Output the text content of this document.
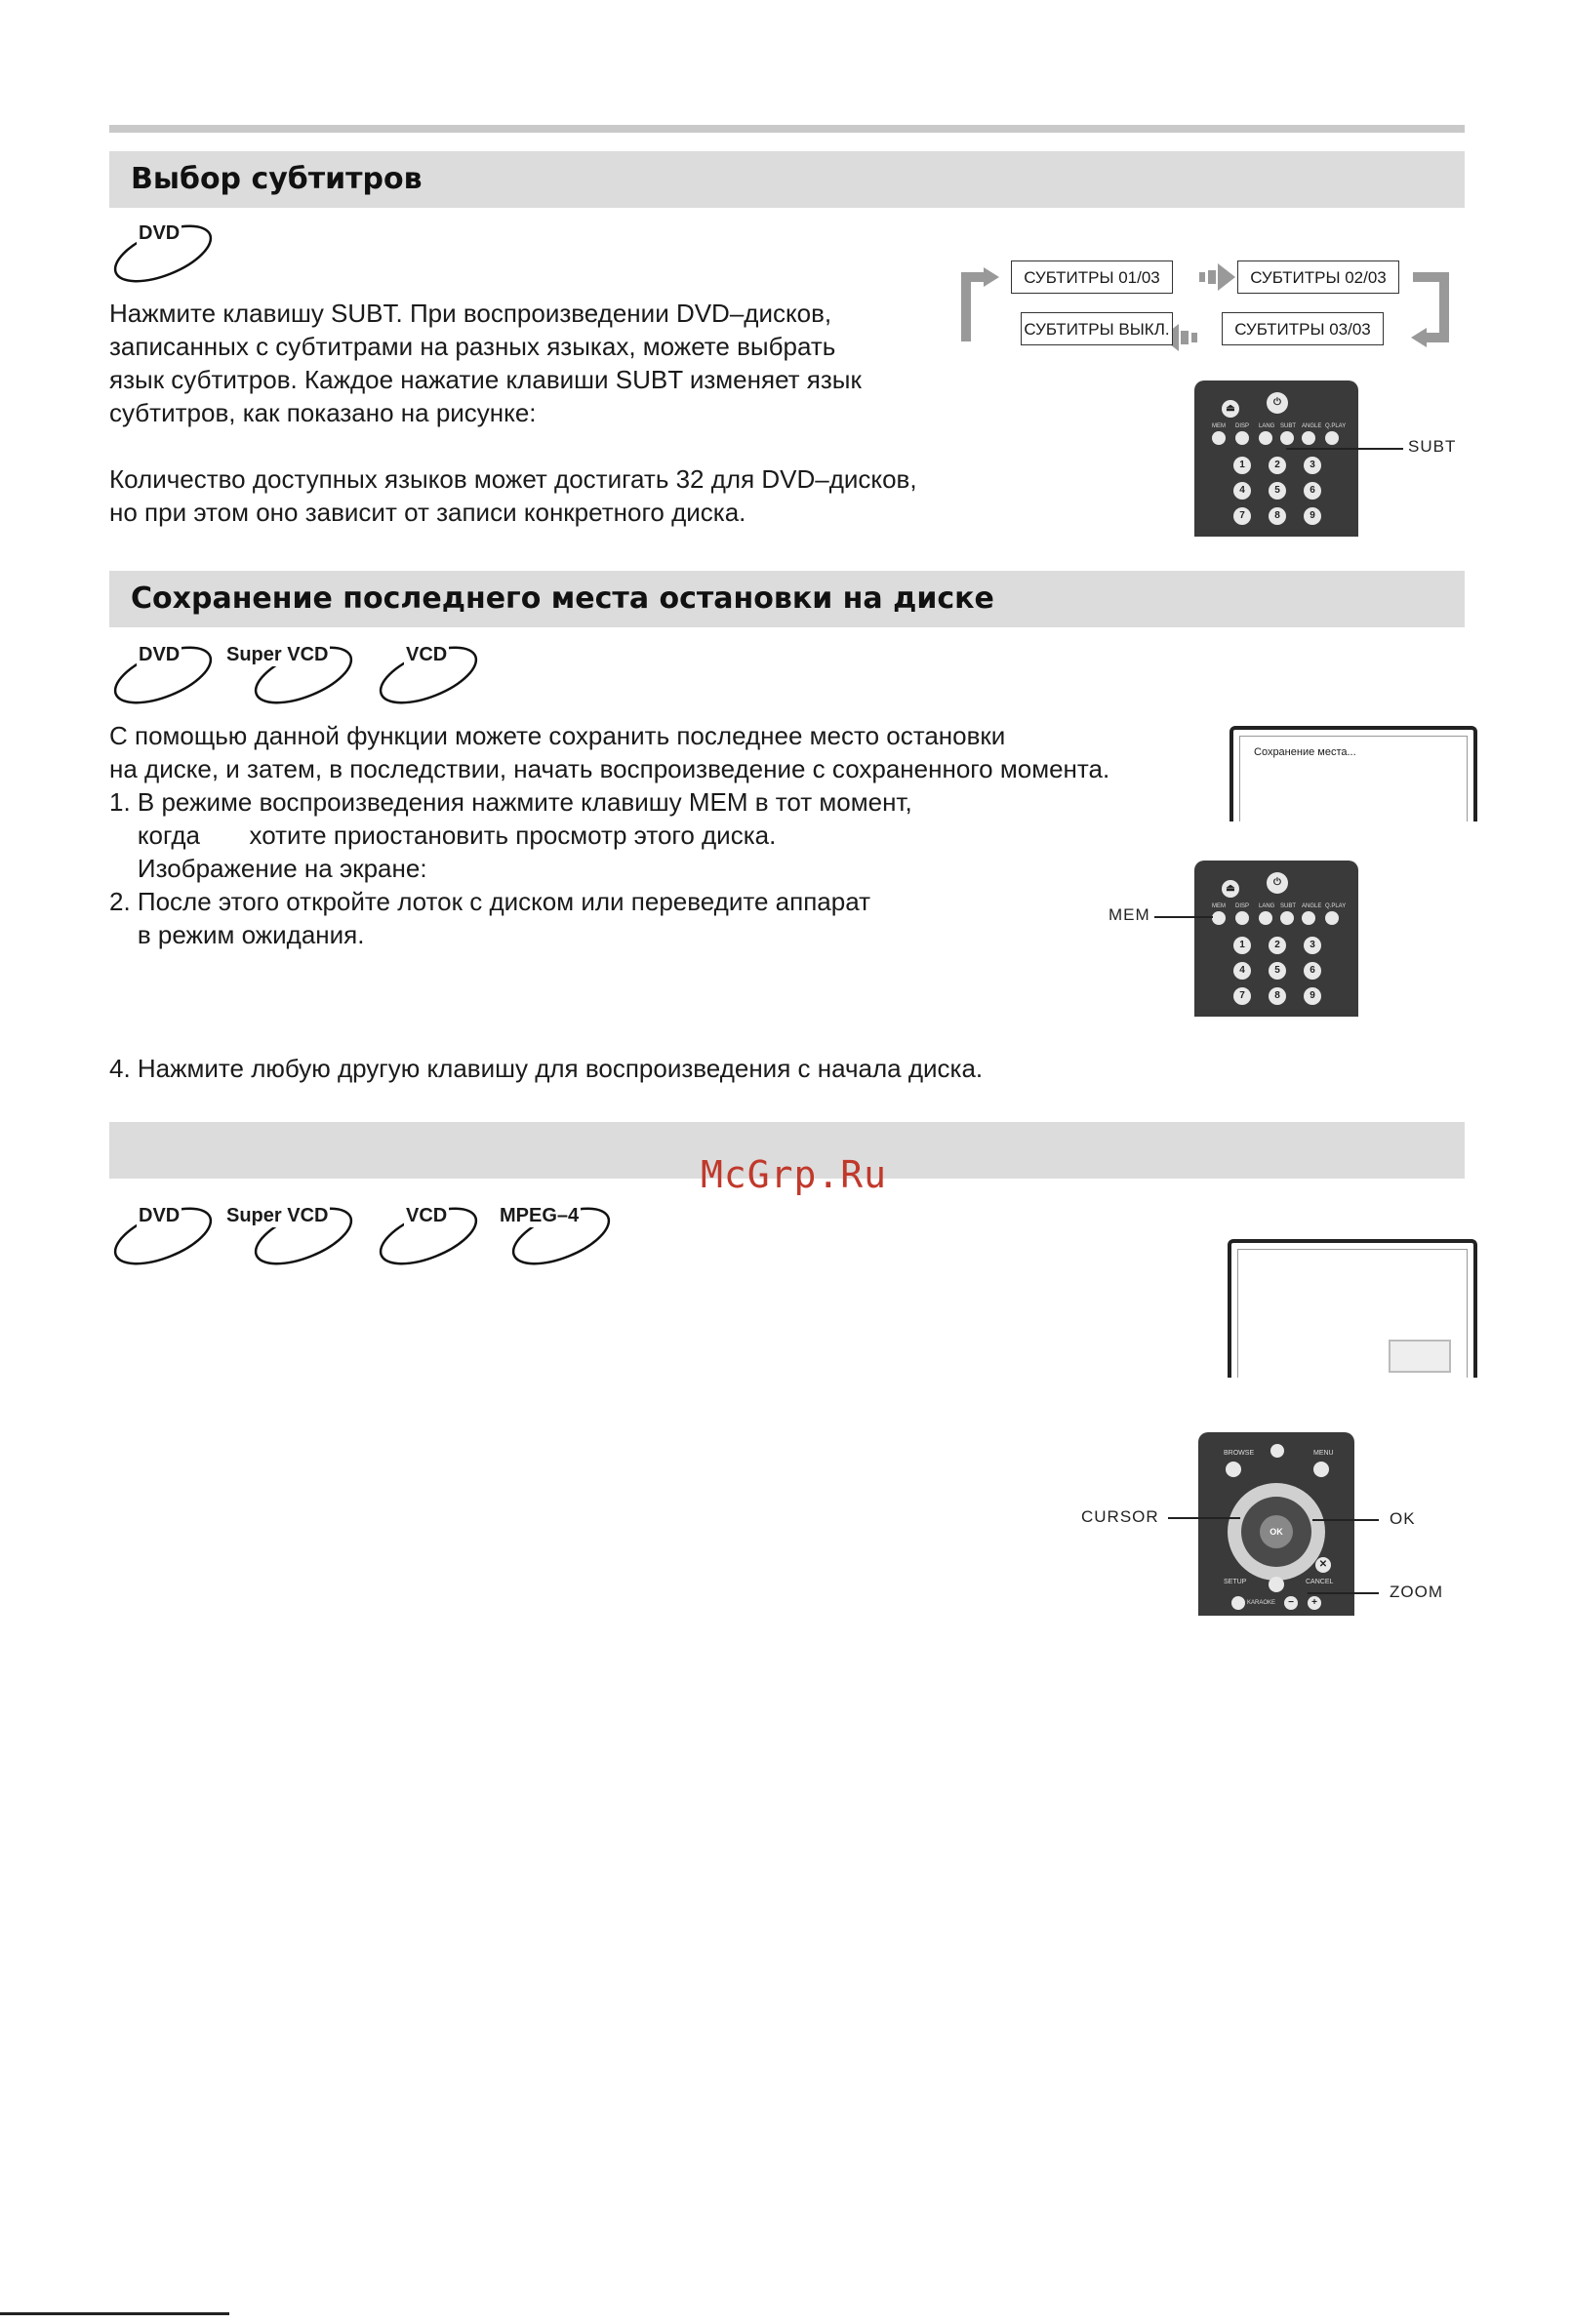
Выбор субтитров
DVD
Нажмите клавишу SUBT. При воспроизведении DVD–дисков,
записанных с субтитрами на разных языках, можете выбрать
язык субтитров. Каждое нажатие клавиши SUBT изменяет язык
субтитров, как показано на рисунке:
Количество доступных языков может достигать 32 для DVD–дисков,
но при этом оно зависит от записи конкретного диска.
СУБТИТРЫ 01/03	СУБТИТРЫ 02/03
СУБТИТРЫ 03/03
СУБТИТРЫ ВЫКЛ.
⏏
⏻
MEM DISP LANG SUBT ANGLE Q.PLAY
1	2	3
4	5	6
7	8	9
SUBT
Сохранение последнего места остановки на диске
DVD Super VCD	VCD
С помощью данной функции можете сохранить последнее место остановки
на диске, и затем, в последствии, начать воспроизведение с сохраненного момента.
1. В режиме воспроизведения нажмите клавишу MEM в тот момент,
когда       хотите приостановить просмотр этого диска.
Изображение на экране:
2. После этого откройте лоток с диском или переведите аппарат
в режим ожидания.
4. Нажмите любую другую клавишу для воспроизведения с начала диска.
Сохранение места...
⏏
⏻
MEM DISP LANG SUBT ANGLE Q.PLAY
1	2	3
4	5	6
7	8	9
MEM
McGrp.Ru
DVD Super VCD	VCD	MPEG–4
BROWSE	MENU
OK
✕
SETUP	CANCEL
KARAOKE	−	+
CURSOR	OK
ZOOM
